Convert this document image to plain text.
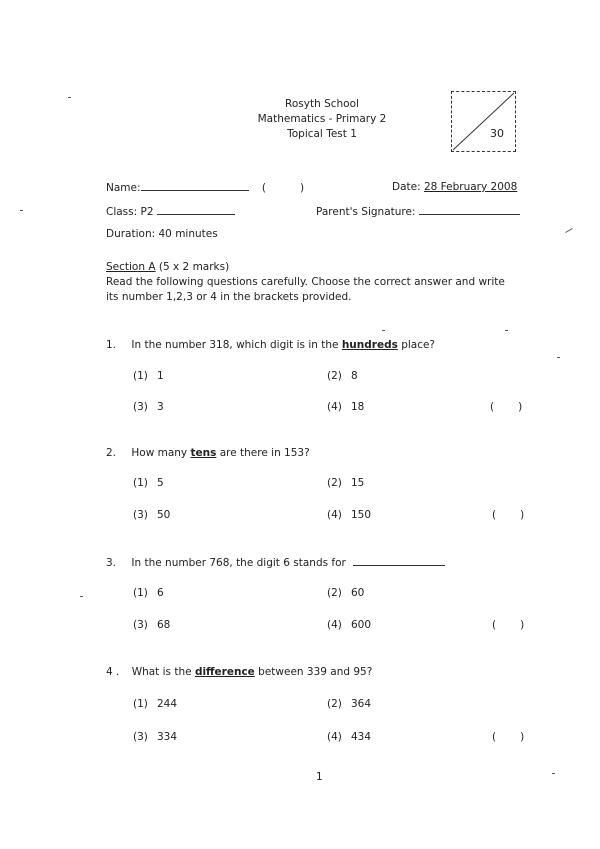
Rosyth School
Mathematics - Primary 2
Topical Test 1	30
Name:	(	)	Date: 28 February 2008
Class: P2	Parent's Signature:
Duration: 40 minutes
Section A (5 x 2 marks)
Read the following questions carefully. Choose the correct answer and write
its number 1,2,3 or 4 in the brackets provided.
1. In the number 318, which digit is in the hundreds place?
(1) 1	(2) 8
(3) 3	(4) 18	( )
2. How many tens are there in 153?
(1) 5	(2) 15
(3) 50	(4) 150	( )
3. In the number 768, the digit 6 stands for
(1) 6	(2) 60
(3) 68	(4) 600	( )
4 . What is the difference between 339 and 95?
(1) 244	(2) 364
(3) 334	(4) 434	( )
1
